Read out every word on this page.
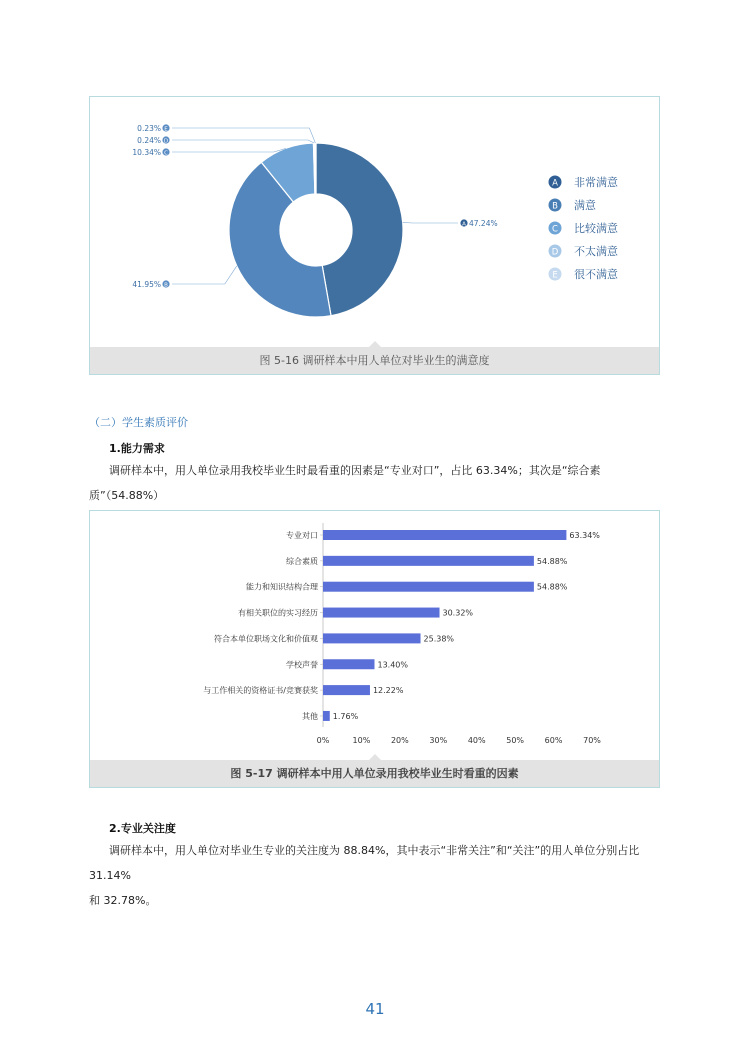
A 47.24%
B
41.95%
C
10.34%
D
0.24%
E
0.23%
A 非常满意
B 满意
C 比较满意
D 不太满意
E 很不满意
图 5-16 调研样本中用人单位对毕业生的满意度
（二）学生素质评价
1.能力需求
调研样本中，用人单位录用我校毕业生时最看重的因素是“专业对口”，占比 63.34%；其次是“综合素质”（54.88%）
专业对口	63.34%
综合素质	54.88%
能力和知识结构合理	54.88%
有相关职位的实习经历	30.32%
符合本单位职场文化和价值观	25.38%
学校声誉	13.40%
与工作相关的资格证书/竞赛获奖	12.22%
其他 1.76%
0%	10%	20%	30%	40%	50%	60%	70%
图 5-17 调研样本中用人单位录用我校毕业生时看重的因素
2.专业关注度
调研样本中，用人单位对毕业生专业的关注度为 88.84%，其中表示“非常关注”和“关注”的用人单位分别占比 31.14%
和 32.78%。
41
